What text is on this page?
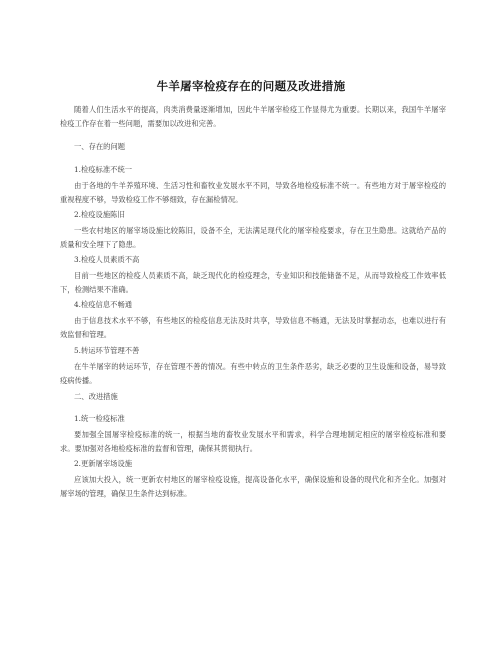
牛羊屠宰检疫存在的问题及改进措施

随着人们生活水平的提高，肉类消费量逐渐增加，因此牛羊屠宰检疫工作显得尤为重要。长期以来，我国牛羊屠宰检疫工作存在着一些问题，需要加以改进和完善。

一、存在的问题

1.检疫标准不统一

由于各地的牛羊养殖环境、生活习性和畜牧业发展水平不同，导致各地检疫标准不统一。有些地方对于屠宰检疫的重视程度不够，导致检疫工作不够细致，存在漏检情况。

2.检疫设施陈旧

一些农村地区的屠宰场设施比较陈旧，设备不全，无法满足现代化的屠宰检疫要求，存在卫生隐患。这就给产品的质量和安全埋下了隐患。

3.检疫人员素质不高

目前一些地区的检疫人员素质不高，缺乏现代化的检疫理念，专业知识和技能储备不足，从而导致检疫工作效率低下，检测结果不准确。

4.检疫信息不畅通

由于信息技术水平不够，有些地区的检疫信息无法及时共享，导致信息不畅通，无法及时掌握动态，也难以进行有效监督和管理。

5.转运环节管理不善

在牛羊屠宰的转运环节，存在管理不善的情况。有些中转点的卫生条件恶劣，缺乏必要的卫生设施和设备，易导致疫病传播。

二、改进措施

1.统一检疫标准

要加强全国屠宰检疫标准的统一，根据当地的畜牧业发展水平和需求，科学合理地制定相应的屠宰检疫标准和要求。要加强对各地检疫标准的监督和管理，确保其贯彻执行。

2.更新屠宰场设施

应该加大投入，统一更新农村地区的屠宰检疫设施，提高设备化水平，确保设施和设备的现代化和齐全化。加强对屠宰场的管理，确保卫生条件达到标准。
